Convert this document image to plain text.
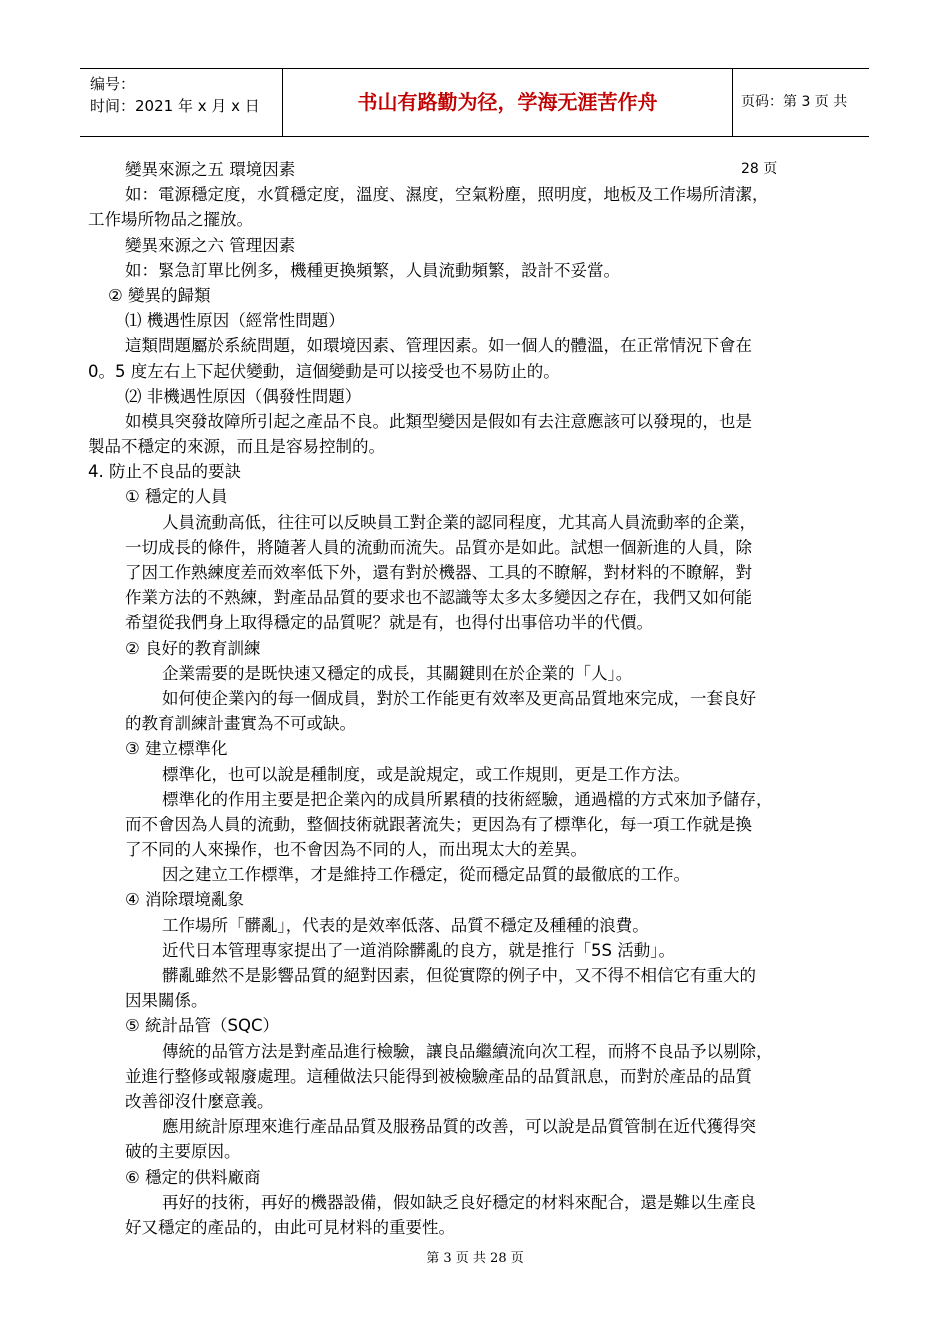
编号：
时间：2021 年 x 月 x 日	书山有路勤为径，学海无涯苦作舟	页码：第 3 页 共 28 页
變異來源之五 環境因素
如：電源穩定度，水質穩定度，溫度、濕度，空氣粉塵，照明度，地板及工作場所清潔，
工作場所物品之擺放。
變異來源之六 管理因素
如：緊急訂單比例多，機種更換頻繁，人員流動頻繁，設計不妥當。
② 變異的歸類
⑴ 機遇性原因（經常性問題）
這類問題屬於系統問題，如環境因素、管理因素。如一個人的體溫，在正常情況下會在
0。5 度左右上下起伏變動，這個變動是可以接受也不易防止的。
⑵ 非機遇性原因（偶發性問題）
如模具突發故障所引起之產品不良。此類型變因是假如有去注意應該可以發現的，也是
製品不穩定的來源，而且是容易控制的。
4. 防止不良品的要訣
① 穩定的人員
人員流動高低，往往可以反映員工對企業的認同程度，尤其高人員流動率的企業，
一切成長的條件，將隨著人員的流動而流失。品質亦是如此。試想一個新進的人員，除
了因工作熟練度差而效率低下外，還有對於機器、工具的不瞭解，對材料的不瞭解，對
作業方法的不熟練，對產品品質的要求也不認識等太多太多變因之存在，我們又如何能
希望從我們身上取得穩定的品質呢？就是有，也得付出事倍功半的代價。
② 良好的教育訓練
企業需要的是既快速又穩定的成長，其關鍵則在於企業的「人」。
如何使企業內的每一個成員，對於工作能更有效率及更高品質地來完成，一套良好
的教育訓練計畫實為不可或缺。
③ 建立標準化
標準化，也可以說是種制度，或是說規定，或工作規則，更是工作方法。
標準化的作用主要是把企業內的成員所累積的技術經驗，通過檔的方式來加予儲存，
而不會因為人員的流動，整個技術就跟著流失；更因為有了標準化，每一項工作就是換
了不同的人來操作，也不會因為不同的人，而出現太大的差異。
因之建立工作標準，才是維持工作穩定，從而穩定品質的最徹底的工作。
④ 消除環境亂象
工作場所「髒亂」，代表的是效率低落、品質不穩定及種種的浪費。
近代日本管理專家提出了一道消除髒亂的良方，就是推行「5S 活動」。
髒亂雖然不是影響品質的絕對因素，但從實際的例子中，又不得不相信它有重大的
因果關係。
⑤ 統計品管（SQC）
傳統的品管方法是對產品進行檢驗，讓良品繼續流向次工程，而將不良品予以剔除，
並進行整修或報廢處理。這種做法只能得到被檢驗產品的品質訊息，而對於產品的品質
改善卻沒什麼意義。
應用統計原理來進行產品品質及服務品質的改善，可以說是品質管制在近代獲得突
破的主要原因。
⑥ 穩定的供料廠商
再好的技術，再好的機器設備，假如缺乏良好穩定的材料來配合，還是難以生產良
好又穩定的產品的，由此可見材料的重要性。
第 3 页 共 28 页
